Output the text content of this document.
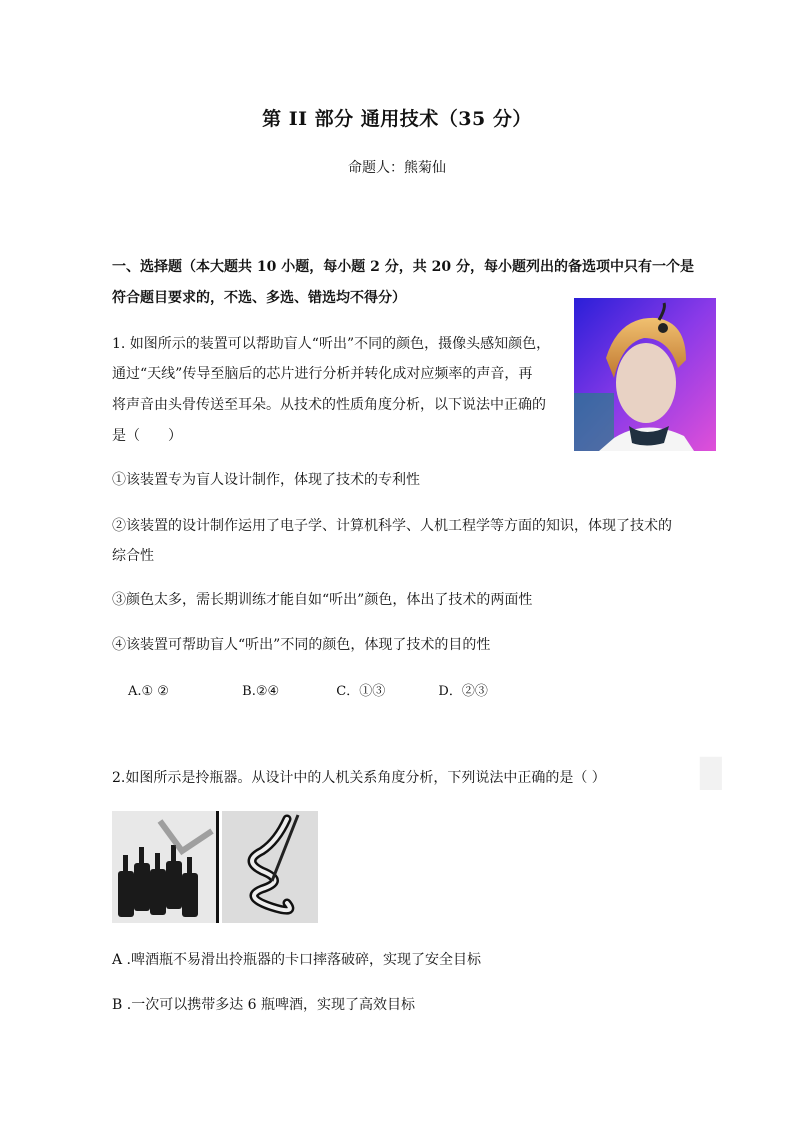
第 II 部分 通用技术（35 分）
命题人：熊菊仙
一、选择题（本大题共 10 小题，每小题 2 分，共 20 分，每小题列出的备选项中只有一个是
符合题目要求的，不选、多选、错选均不得分）
1. 如图所示的装置可以帮助盲人“听出”不同的颜色，摄像头感知颜色，
通过“天线”传导至脑后的芯片进行分析并转化成对应频率的声音，再
将声音由头骨传送至耳朵。从技术的性质角度分析，以下说法中正确的
是（　　）
①该装置专为盲人设计制作，体现了技术的专利性
②该装置的设计制作运用了电子学、计算机科学、人机工程学等方面的知识，体现了技术的
综合性
③颜色太多，需长期训练才能自如“听出”颜色，体出了技术的两面性
④该装置可帮助盲人“听出”不同的颜色，体现了技术的目的性
A.① ②	B.②④	C．①③	D．②③
█
2.如图所示是拎瓶器。从设计中的人机关系角度分析，下列说法中正确的是（ ）
A .啤酒瓶不易滑出拎瓶器的卡口摔落破碎，实现了安全目标
B .一次可以携带多达 6 瓶啤酒，实现了高效目标
